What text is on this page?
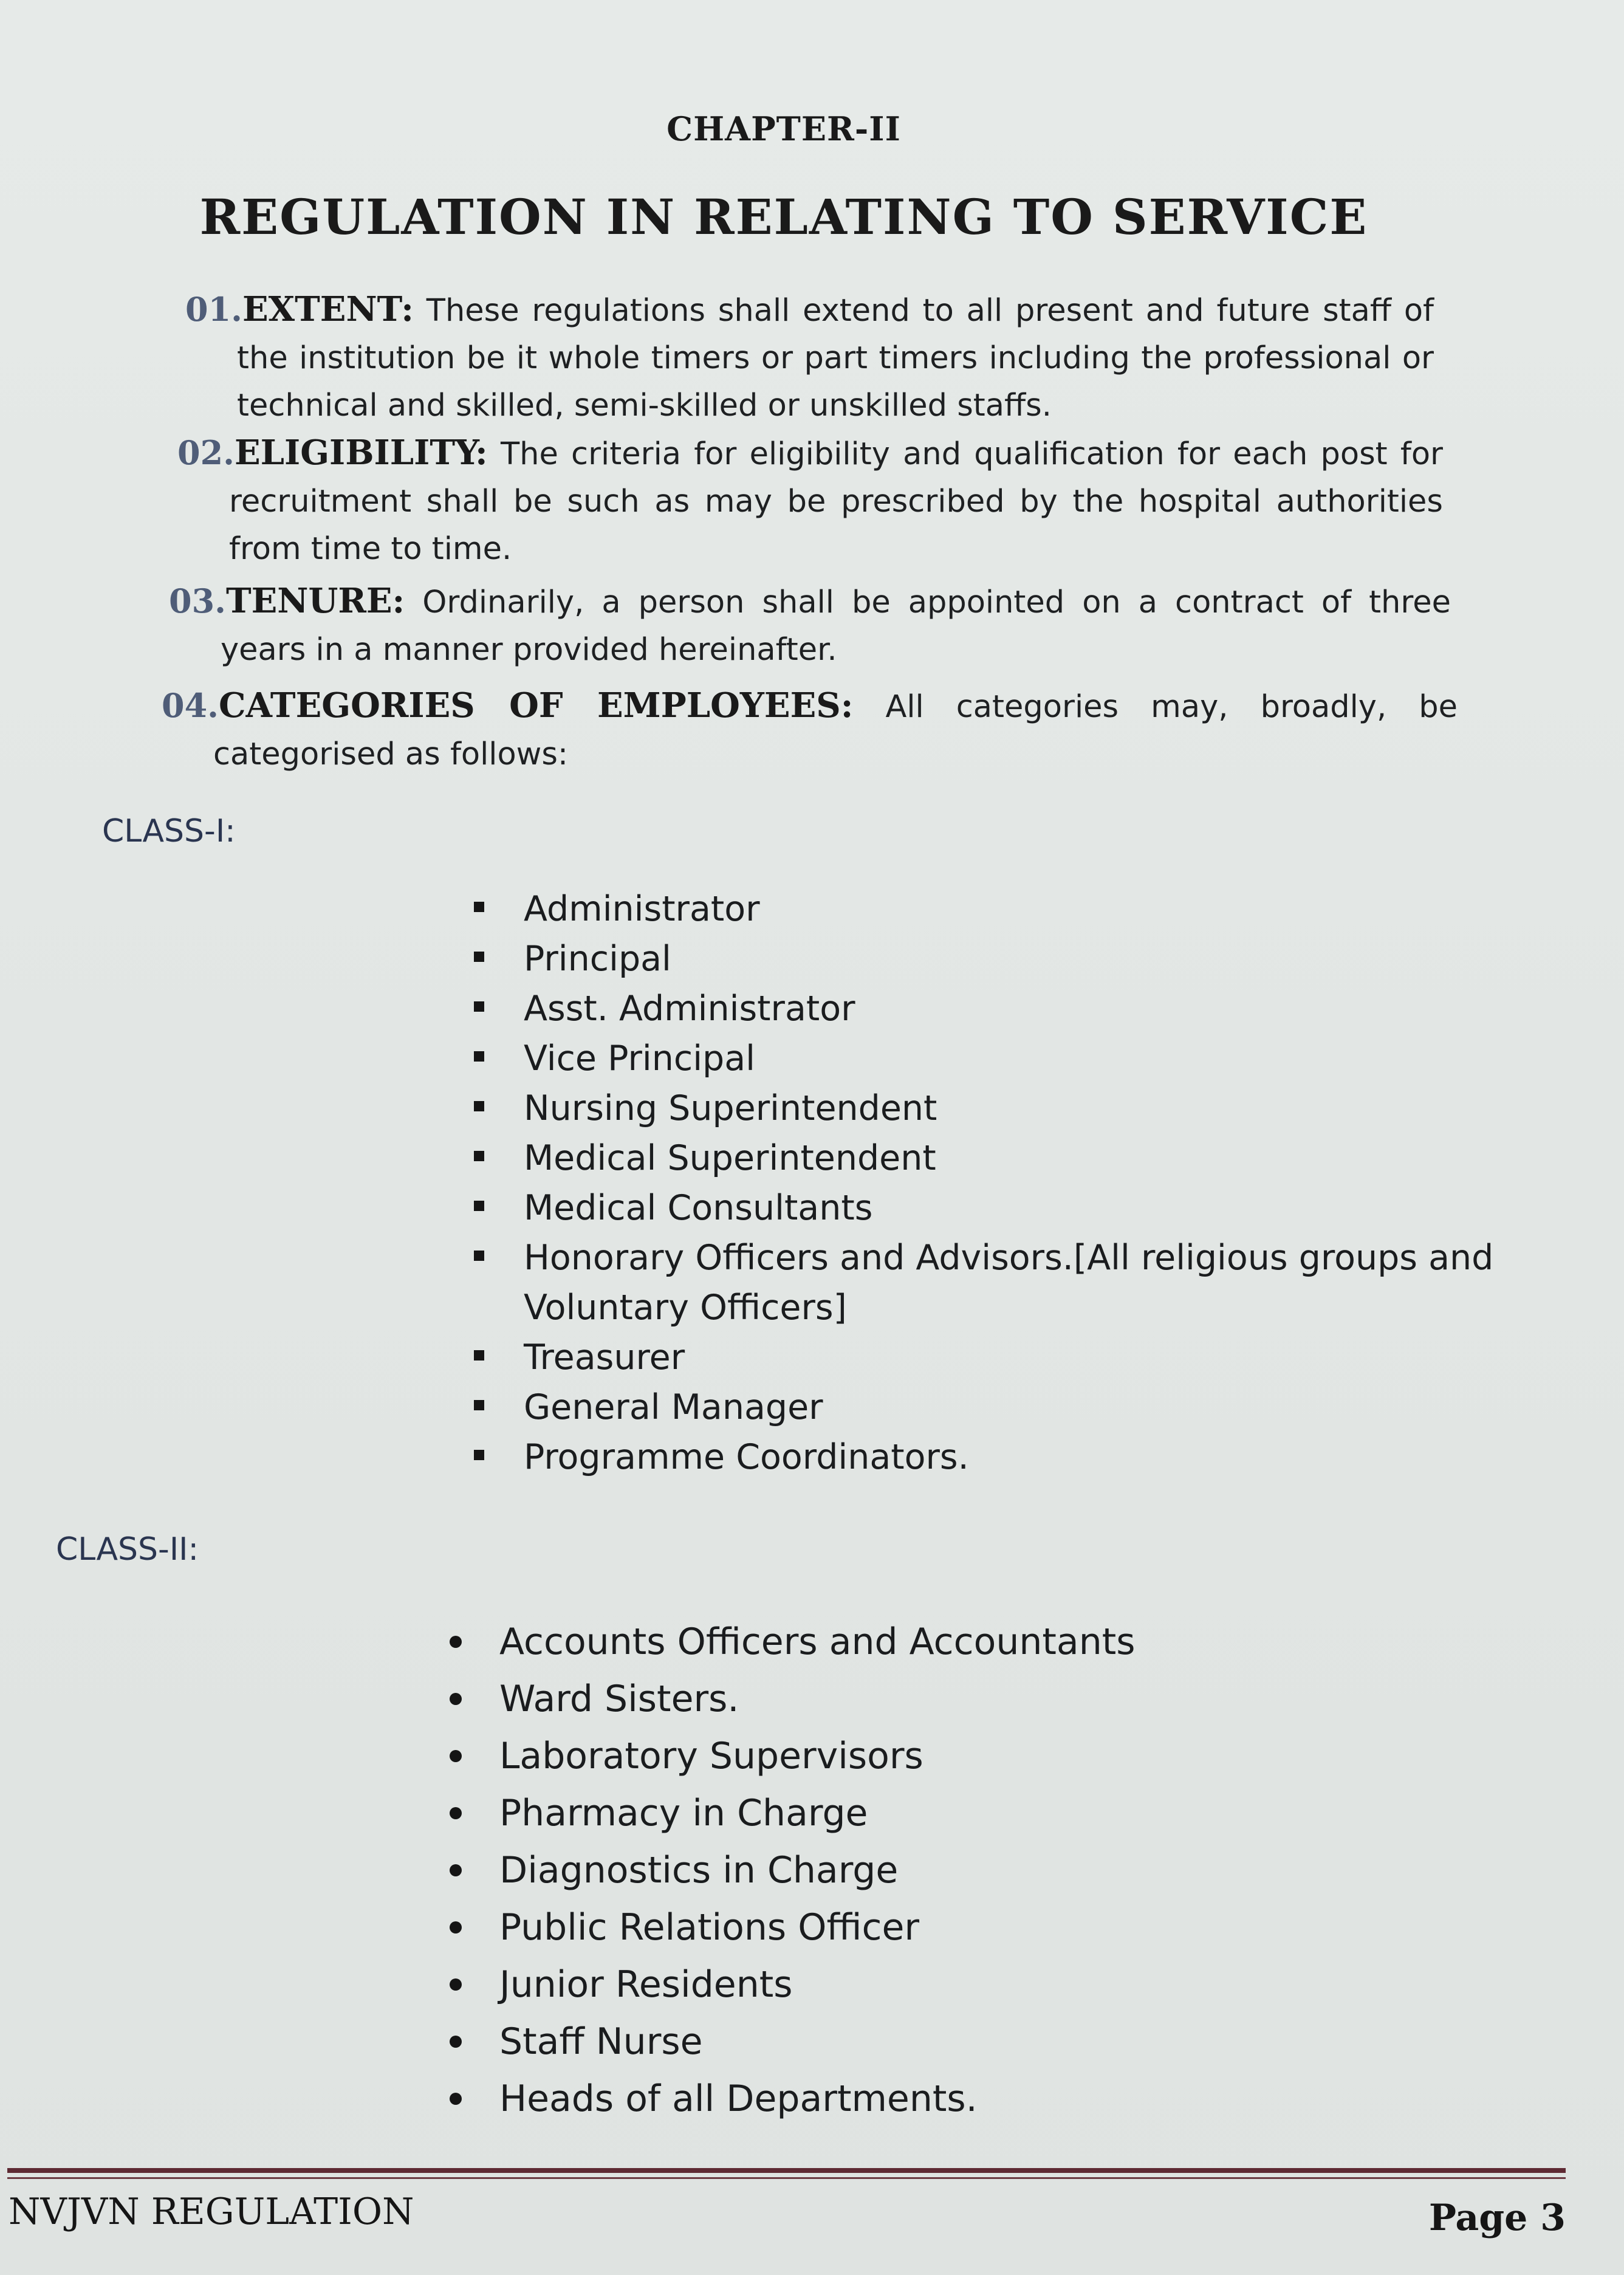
CHAPTER-II
REGULATION IN RELATING TO SERVICE
01.EXTENT: These regulations shall extend to all present and future staff of the institution be it whole timers or part timers including the professional or technical and skilled, semi-skilled or unskilled staffs.
02.ELIGIBILITY: The criteria for eligibility and qualification for each post for recruitment shall be such as may be prescribed by the hospital authorities from time to time.
03.TENURE: Ordinarily, a person shall be appointed on a contract of three years in a manner provided hereinafter.
04.CATEGORIES OF EMPLOYEES: All categories may, broadly, be categorised as follows:
CLASS-I:
Administrator
Principal
Asst. Administrator
Vice Principal
Nursing Superintendent
Medical Superintendent
Medical Consultants
Honorary Officers and Advisors.[All religious groups and Voluntary Officers]
Treasurer
General Manager
Programme Coordinators.
CLASS-II:
Accounts Officers and Accountants
Ward Sisters.
Laboratory Supervisors
Pharmacy in Charge
Diagnostics in Charge
Public Relations Officer
Junior Residents
Staff Nurse
Heads of all Departments.
NVJVN REGULATION	Page 3
